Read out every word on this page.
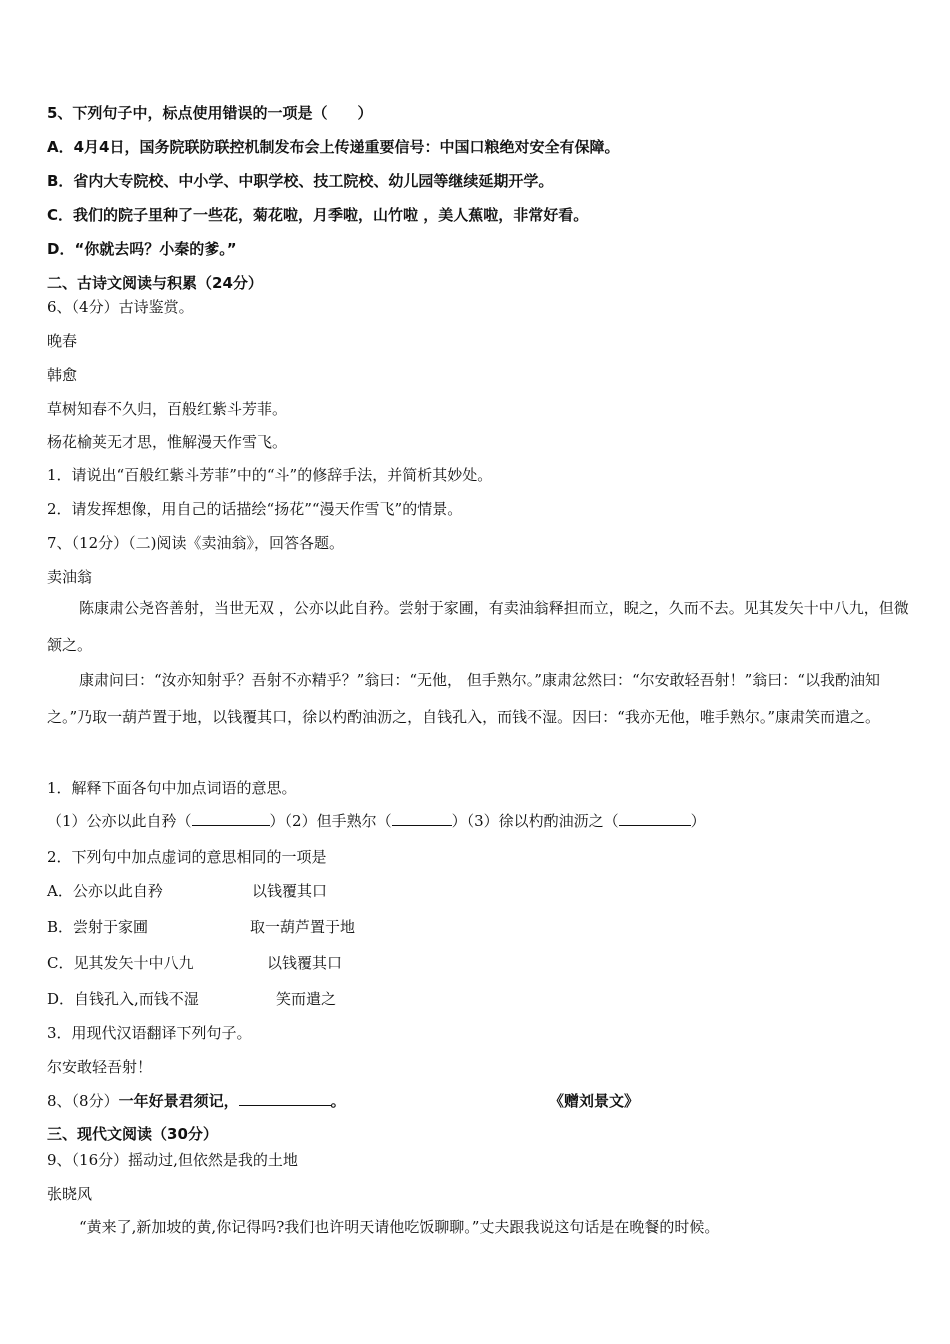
5、下列句子中，标点使用错误的一项是（　　）
A．4月4日，国务院联防联控机制发布会上传递重要信号：中国口粮绝对安全有保障。
B．省内大专院校、中小学、中职学校、技工院校、幼儿园等继续延期开学。
C．我们的院子里种了一些花，菊花啦，月季啦，山竹啦 ，美人蕉啦，非常好看。
D．“你就去吗？小秦的爹。”
二、古诗文阅读与积累（24分）
6、（4分）古诗鉴赏。
晚春
韩愈
草树知春不久归，百般红紫斗芳菲。
杨花榆荚无才思，惟解漫天作雪飞。
1．请说出“百般红紫斗芳菲”中的“斗”的修辞手法，并简析其妙处。
2．请发挥想像，用自己的话描绘“扬花”“漫天作雪飞”的情景。
7、（12分）（二)阅读《卖油翁》，回答各题。
卖油翁
陈康肃公尧咨善射，当世无双 ，公亦以此自矜。尝射于家圃，有卖油翁释担而立，睨之，久而不去。见其发矢十中八九，但微颔之。
康肃问曰：“汝亦知射乎？吾射不亦精乎？”翁曰：“无他， 但手熟尔。”康肃忿然曰：“尔安敢轻吾射！”翁曰：“以我酌油知之。”乃取一葫芦置于地，以钱覆其口，徐以杓酌油沥之，自钱孔入，而钱不湿。因曰：“我亦无他，唯手熟尔。”康肃笑而遣之。
1．解释下面各句中加点词语的意思。
（1）公亦以此自矜（	）（2）但手熟尔（	）（3）徐以杓酌油沥之（	）
2．下列句中加点虚词的意思相同的一项是
A．公亦以此自矜	以钱覆其口
B．尝射于家圃	取一葫芦置于地
C．见其发矢十中八九	以钱覆其口
D．自钱孔入,而钱不湿	笑而遣之
3．用现代汉语翻译下列句子。
尔安敢轻吾射！
8、（8分）一年好景君须记，	。	《赠刘景文》
三、现代文阅读（30分）
9、（16分）摇动过,但依然是我的土地
张晓风
“黄来了,新加坡的黄,你记得吗?我们也许明天请他吃饭聊聊。”丈夫跟我说这句话是在晚餐的时候。
